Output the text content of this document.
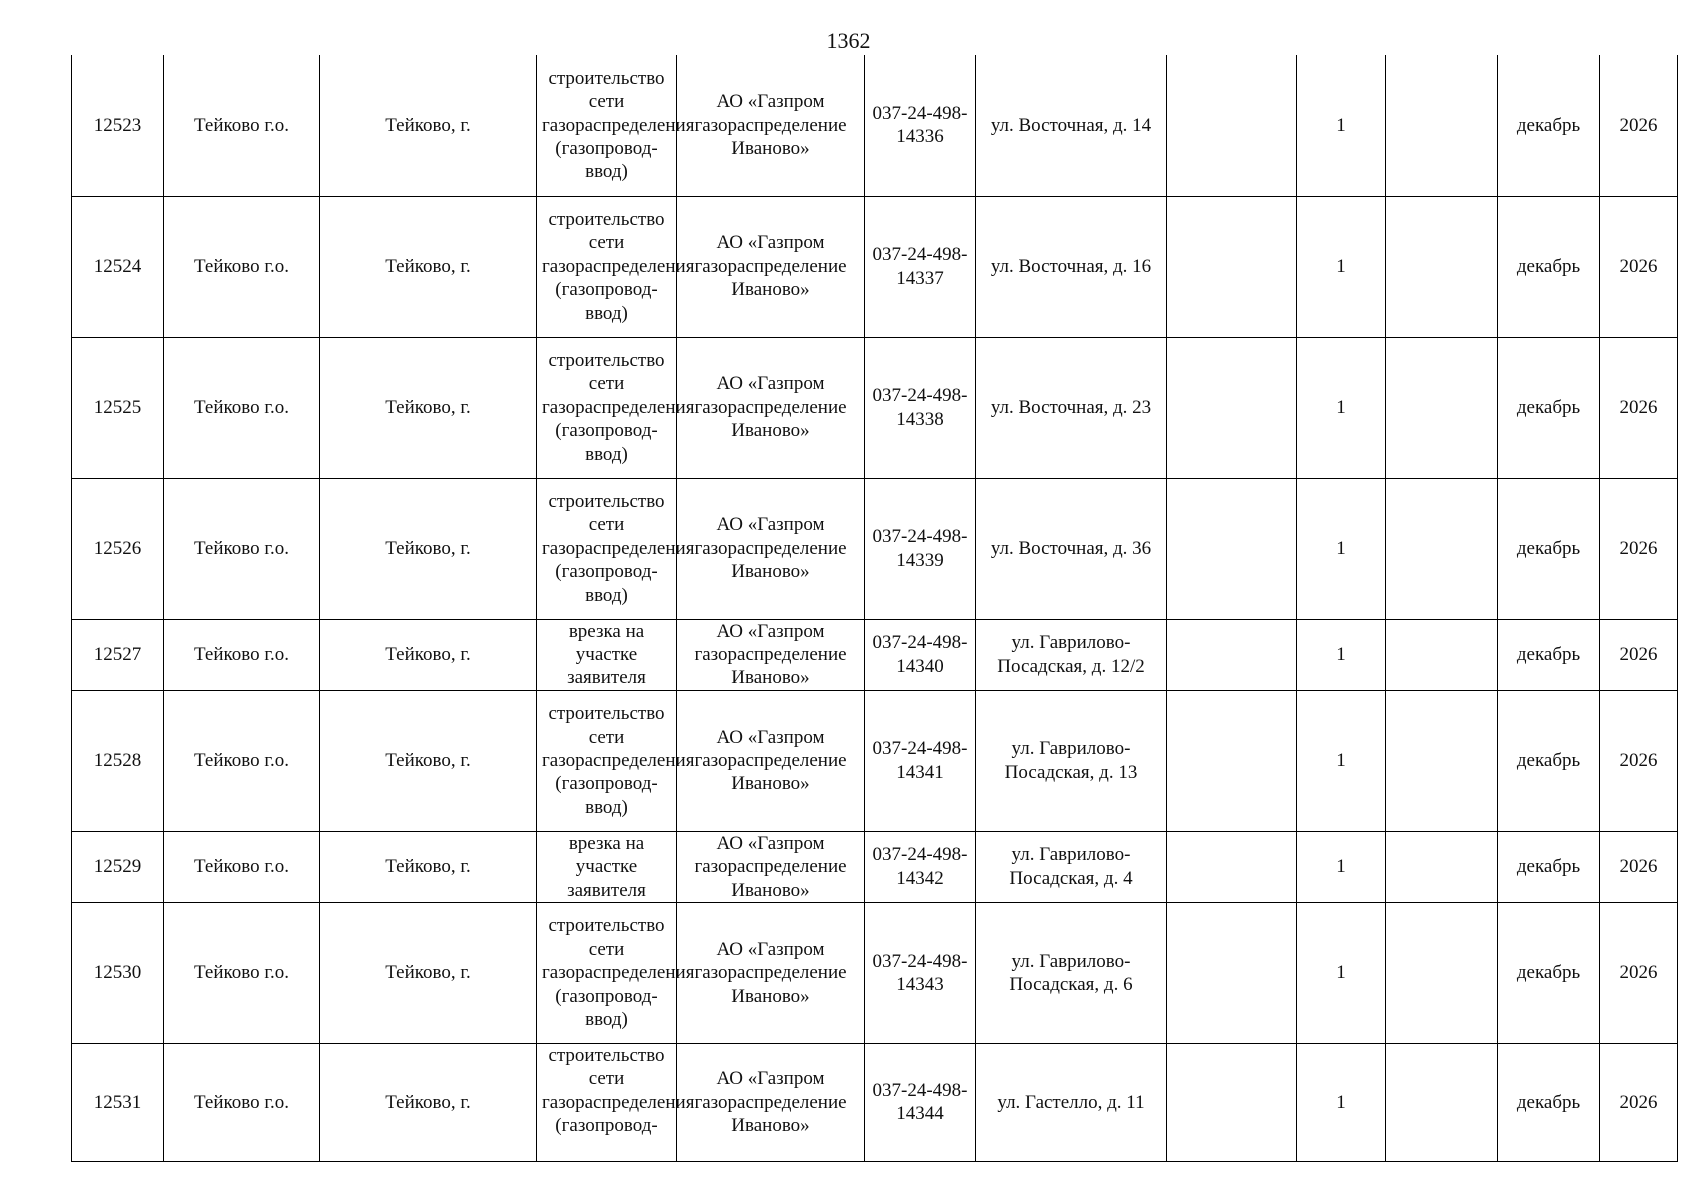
1362
12523	Тейково г.о.	Тейково, г.	строительство сети газораспределения (газопровод-ввод)	АО «Газпром газораспределение Иваново»	037-24-498-14336	ул. Восточная, д. 14		1		декабрь	2026
12524	Тейково г.о.	Тейково, г.	строительство сети газораспределения (газопровод-ввод)	АО «Газпром газораспределение Иваново»	037-24-498-14337	ул. Восточная, д. 16		1		декабрь	2026
12525	Тейково г.о.	Тейково, г.	строительство сети газораспределения (газопровод-ввод)	АО «Газпром газораспределение Иваново»	037-24-498-14338	ул. Восточная, д. 23		1		декабрь	2026
12526	Тейково г.о.	Тейково, г.	строительство сети газораспределения (газопровод-ввод)	АО «Газпром газораспределение Иваново»	037-24-498-14339	ул. Восточная, д. 36		1		декабрь	2026
12527	Тейково г.о.	Тейково, г.	врезка на участке заявителя	АО «Газпром газораспределение Иваново»	037-24-498-14340	ул. Гаврилово-Посадская, д. 12/2		1		декабрь	2026
12528	Тейково г.о.	Тейково, г.	строительство сети газораспределения (газопровод-ввод)	АО «Газпром газораспределение Иваново»	037-24-498-14341	ул. Гаврилово-Посадская, д. 13		1		декабрь	2026
12529	Тейково г.о.	Тейково, г.	врезка на участке заявителя	АО «Газпром газораспределение Иваново»	037-24-498-14342	ул. Гаврилово-Посадская, д. 4		1		декабрь	2026
12530	Тейково г.о.	Тейково, г.	строительство сети газораспределения (газопровод-ввод)	АО «Газпром газораспределение Иваново»	037-24-498-14343	ул. Гаврилово-Посадская, д. 6		1		декабрь	2026
12531	Тейково г.о.	Тейково, г.	строительство сети газораспределения (газопровод-	АО «Газпром газораспределение Иваново»	037-24-498-14344	ул. Гастелло, д. 11		1		декабрь	2026
